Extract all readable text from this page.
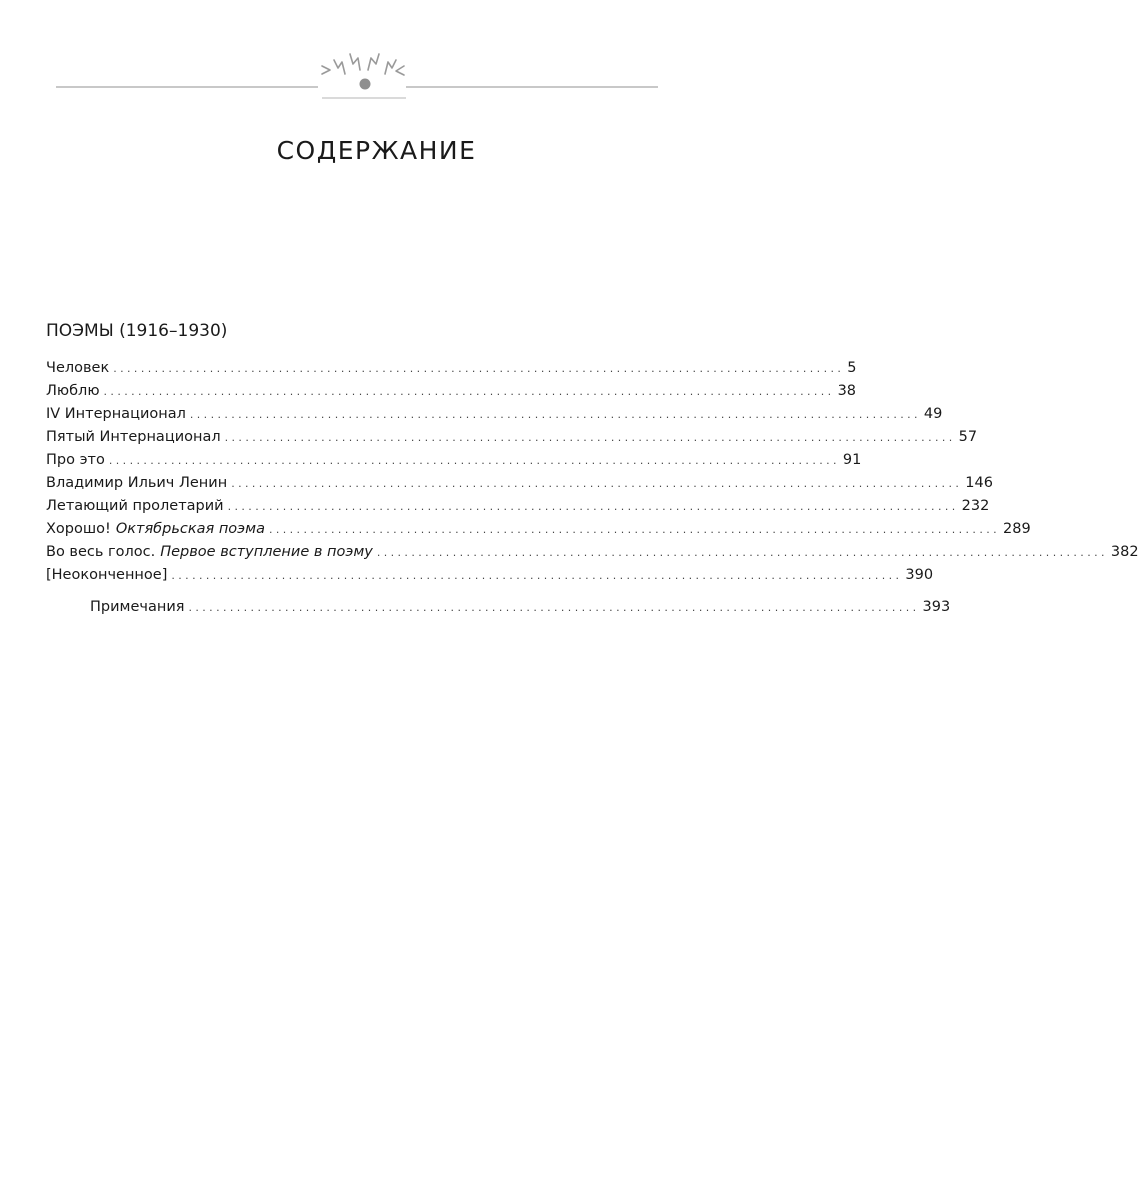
СОДЕРЖАНИЕ
ПОЭМЫ (1916–1930)
Человек .......................................................................................................... 5
Люблю .......................................................................................................... 38
IV Интернационал .......................................................................................................... 49
Пятый Интернационал .......................................................................................................... 57
Про это .......................................................................................................... 91
Владимир Ильич Ленин .......................................................................................................... 146
Летающий пролетарий .......................................................................................................... 232
Хорошо! Октябрьская поэма .......................................................................................................... 289
Во весь голос. Первое вступление в поэму .......................................................................................................... 382
[Неоконченное] .......................................................................................................... 390
Примечания .......................................................................................................... 393
